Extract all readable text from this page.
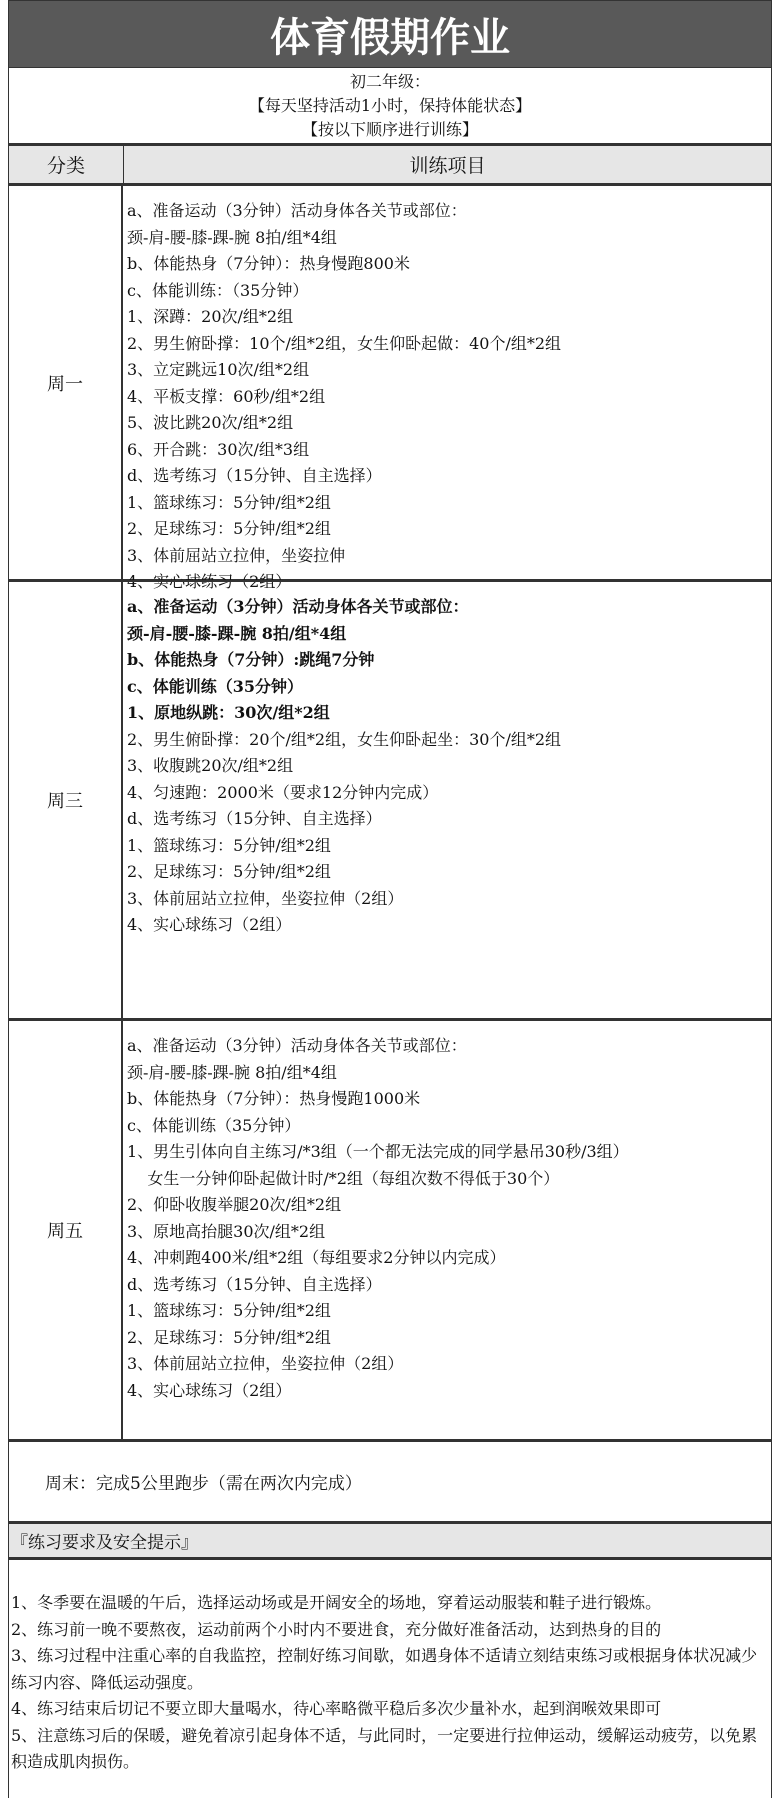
体育假期作业
初二年级：
【每天坚持活动1小时，保持体能状态】
【按以下顺序进行训练】
分类	训练项目
周一
a、准备运动（3分钟）活动身体各关节或部位：
颈-肩-腰-膝-踝-腕 8拍/组*4组
b、体能热身（7分钟）：热身慢跑800米
c、体能训练：（35分钟）
1、深蹲：20次/组*2组
2、男生俯卧撑：10个/组*2组，女生仰卧起做：40个/组*2组
3、立定跳远10次/组*2组
4、平板支撑：60秒/组*2组
5、波比跳20次/组*2组
6、开合跳：30次/组*3组
d、选考练习（15分钟、自主选择）
1、篮球练习：5分钟/组*2组
2、足球练习：5分钟/组*2组
3、体前屈站立拉伸，坐姿拉伸
4、实心球练习（2组）
周三
a、准备运动（3分钟）活动身体各关节或部位：
颈-肩-腰-膝-踝-腕 8拍/组*4组
b、体能热身（7分钟）:跳绳7分钟
c、体能训练（35分钟）
1、原地纵跳：30次/组*2组
2、男生俯卧撑：20个/组*2组，女生仰卧起坐：30个/组*2组
3、收腹跳20次/组*2组
4、匀速跑：2000米（要求12分钟内完成）
d、选考练习（15分钟、自主选择）
1、篮球练习：5分钟/组*2组
2、足球练习：5分钟/组*2组
3、体前屈站立拉伸，坐姿拉伸（2组）
4、实心球练习（2组）
周五
a、准备运动（3分钟）活动身体各关节或部位：
颈-肩-腰-膝-踝-腕 8拍/组*4组
b、体能热身（7分钟）：热身慢跑1000米
c、体能训练（35分钟）
1、男生引体向自主练习/*3组（一个都无法完成的同学悬吊30秒/3组）
女生一分钟仰卧起做计时/*2组（每组次数不得低于30个）
2、仰卧收腹举腿20次/组*2组
3、原地高抬腿30次/组*2组
4、冲刺跑400米/组*2组（每组要求2分钟以内完成）
d、选考练习（15分钟、自主选择）
1、篮球练习：5分钟/组*2组
2、足球练习：5分钟/组*2组
3、体前屈站立拉伸，坐姿拉伸（2组）
4、实心球练习（2组）
周末：完成5公里跑步（需在两次内完成）
『练习要求及安全提示』
1、冬季要在温暖的午后，选择运动场或是开阔安全的场地，穿着运动服装和鞋子进行锻炼。
2、练习前一晚不要熬夜，运动前两个小时内不要进食，充分做好准备活动，达到热身的目的
3、练习过程中注重心率的自我监控，控制好练习间歇，如遇身体不适请立刻结束练习或根据身体状况减少练习内容、降低运动强度。
4、练习结束后切记不要立即大量喝水，待心率略微平稳后多次少量补水，起到润喉效果即可
5、注意练习后的保暖，避免着凉引起身体不适，与此同时，一定要进行拉伸运动，缓解运动疲劳，以免累积造成肌肉损伤。
